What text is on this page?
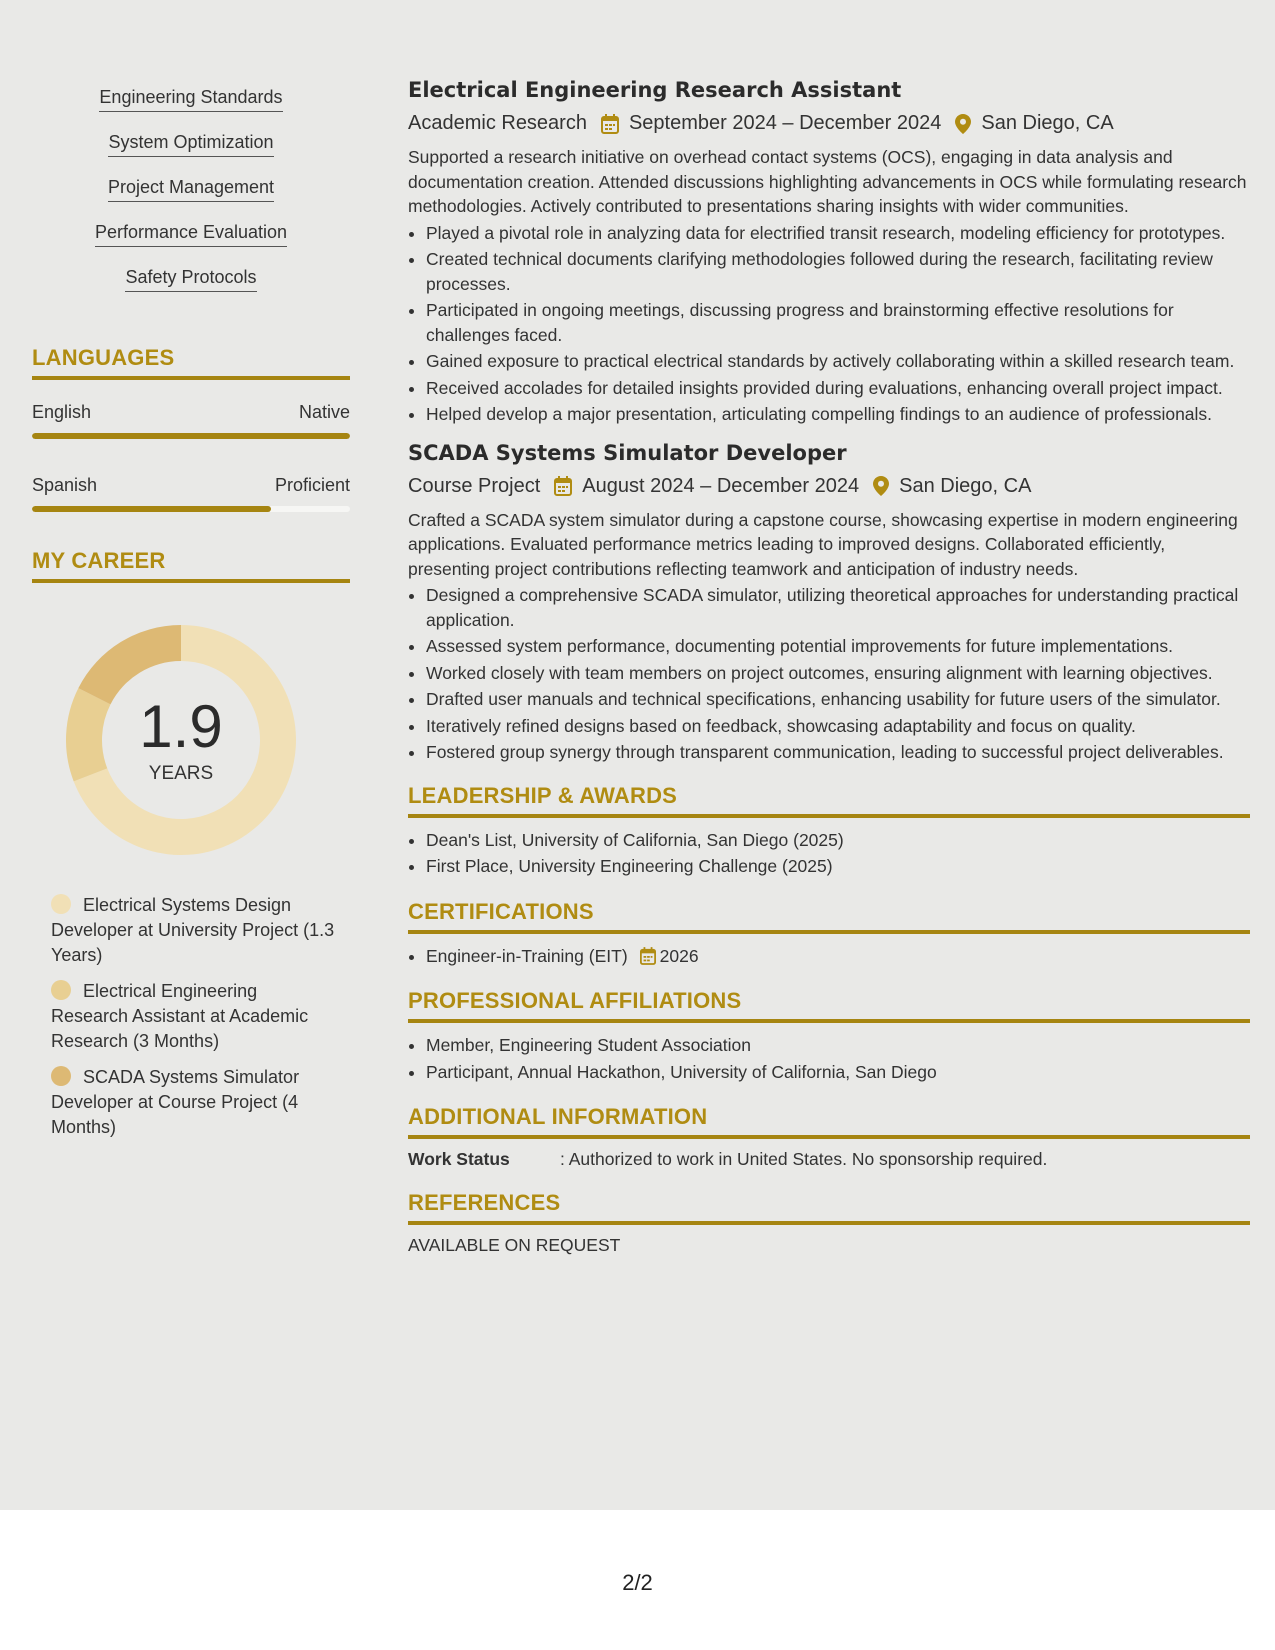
Engineering Standards
System Optimization
Project Management
Performance Evaluation
Safety Protocols
LANGUAGES
English	Native
Spanish	Proficient
MY CAREER
1.9
YEARS
Electrical Systems Design Developer at University Project (1.3 Years)
Electrical Engineering Research Assistant at Academic Research (3 Months)
SCADA Systems Simulator Developer at Course Project (4 Months)
Electrical Engineering Research Assistant
Academic Research September 2024 – December 2024 San Diego, CA
Supported a research initiative on overhead contact systems (OCS), engaging in data analysis and documentation creation. Attended discussions highlighting advancements in OCS while formulating research methodologies. Actively contributed to presentations sharing insights with wider communities.
• Played a pivotal role in analyzing data for electrified transit research, modeling efficiency for prototypes.
• Created technical documents clarifying methodologies followed during the research, facilitating review processes.
• Participated in ongoing meetings, discussing progress and brainstorming effective resolutions for challenges faced.
• Gained exposure to practical electrical standards by actively collaborating within a skilled research team.
• Received accolades for detailed insights provided during evaluations, enhancing overall project impact.
• Helped develop a major presentation, articulating compelling findings to an audience of professionals.
SCADA Systems Simulator Developer
Course Project August 2024 – December 2024 San Diego, CA
Crafted a SCADA system simulator during a capstone course, showcasing expertise in modern engineering applications. Evaluated performance metrics leading to improved designs. Collaborated efficiently, presenting project contributions reflecting teamwork and anticipation of industry needs.
• Designed a comprehensive SCADA simulator, utilizing theoretical approaches for understanding practical application.
• Assessed system performance, documenting potential improvements for future implementations.
• Worked closely with team members on project outcomes, ensuring alignment with learning objectives.
• Drafted user manuals and technical specifications, enhancing usability for future users of the simulator.
• Iteratively refined designs based on feedback, showcasing adaptability and focus on quality.
• Fostered group synergy through transparent communication, leading to successful project deliverables.
LEADERSHIP & AWARDS
• Dean's List, University of California, San Diego (2025)
• First Place, University Engineering Challenge (2025)
CERTIFICATIONS
• Engineer-in-Training (EIT) 2026
PROFESSIONAL AFFILIATIONS
• Member, Engineering Student Association
• Participant, Annual Hackathon, University of California, San Diego
ADDITIONAL INFORMATION
Work Status	: Authorized to work in United States. No sponsorship required.
REFERENCES
AVAILABLE ON REQUEST
2/2
